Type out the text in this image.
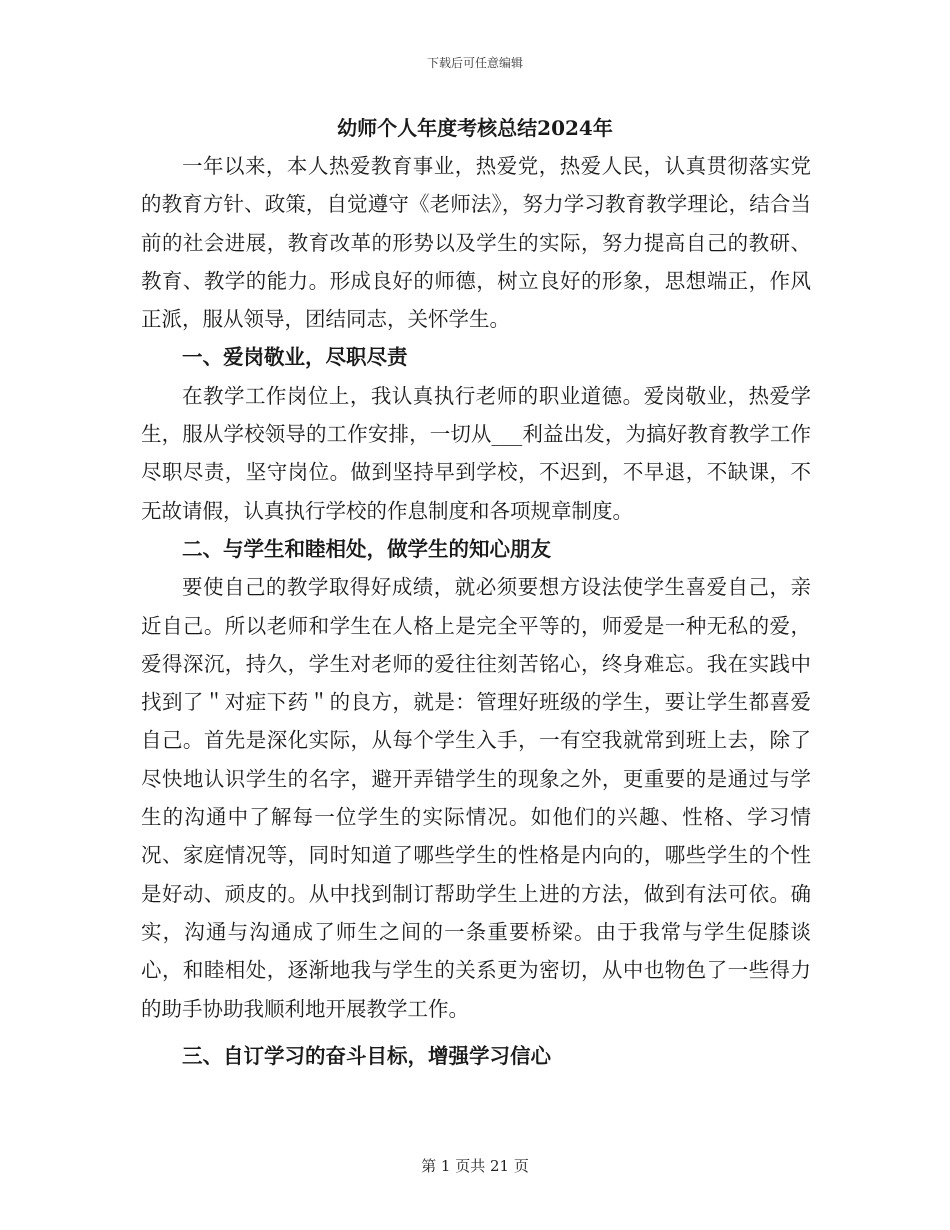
下载后可任意编辑
幼师个人年度考核总结2024年

一年以来，本人热爱教育事业，热爱党，热爱人民，认真贯彻落实党的教育方针、政策，自觉遵守《老师法》，努力学习教育教学理论，结合当前的社会进展，教育改革的形势以及学生的实际，努力提高自己的教研、教育、教学的能力。形成良好的师德，树立良好的形象，思想端正，作风正派，服从领导，团结同志，关怀学生。

一、爱岗敬业，尽职尽责

在教学工作岗位上，我认真执行老师的职业道德。爱岗敬业，热爱学生，服从学校领导的工作安排，一切从___利益出发，为搞好教育教学工作尽职尽责，坚守岗位。做到坚持早到学校，不迟到，不早退，不缺课，不无故请假，认真执行学校的作息制度和各项规章制度。

二、与学生和睦相处，做学生的知心朋友

要使自己的教学取得好成绩，就必须要想方设法使学生喜爱自己，亲近自己。所以老师和学生在人格上是完全平等的，师爱是一种无私的爱，爱得深沉，持久，学生对老师的爱往往刻苦铭心，终身难忘。我在实践中找到了＂对症下药＂的良方，就是：管理好班级的学生，要让学生都喜爱自己。首先是深化实际，从每个学生入手，一有空我就常到班上去，除了尽快地认识学生的名字，避开弄错学生的现象之外，更重要的是通过与学生的沟通中了解每一位学生的实际情况。如他们的兴趣、性格、学习情况、家庭情况等，同时知道了哪些学生的性格是内向的，哪些学生的个性是好动、顽皮的。从中找到制订帮助学生上进的方法，做到有法可依。确实，沟通与沟通成了师生之间的一条重要桥梁。由于我常与学生促膝谈心，和睦相处，逐渐地我与学生的关系更为密切，从中也物色了一些得力的助手协助我顺利地开展教学工作。

三、自订学习的奋斗目标，增强学习信心

第 1 页共 21 页
